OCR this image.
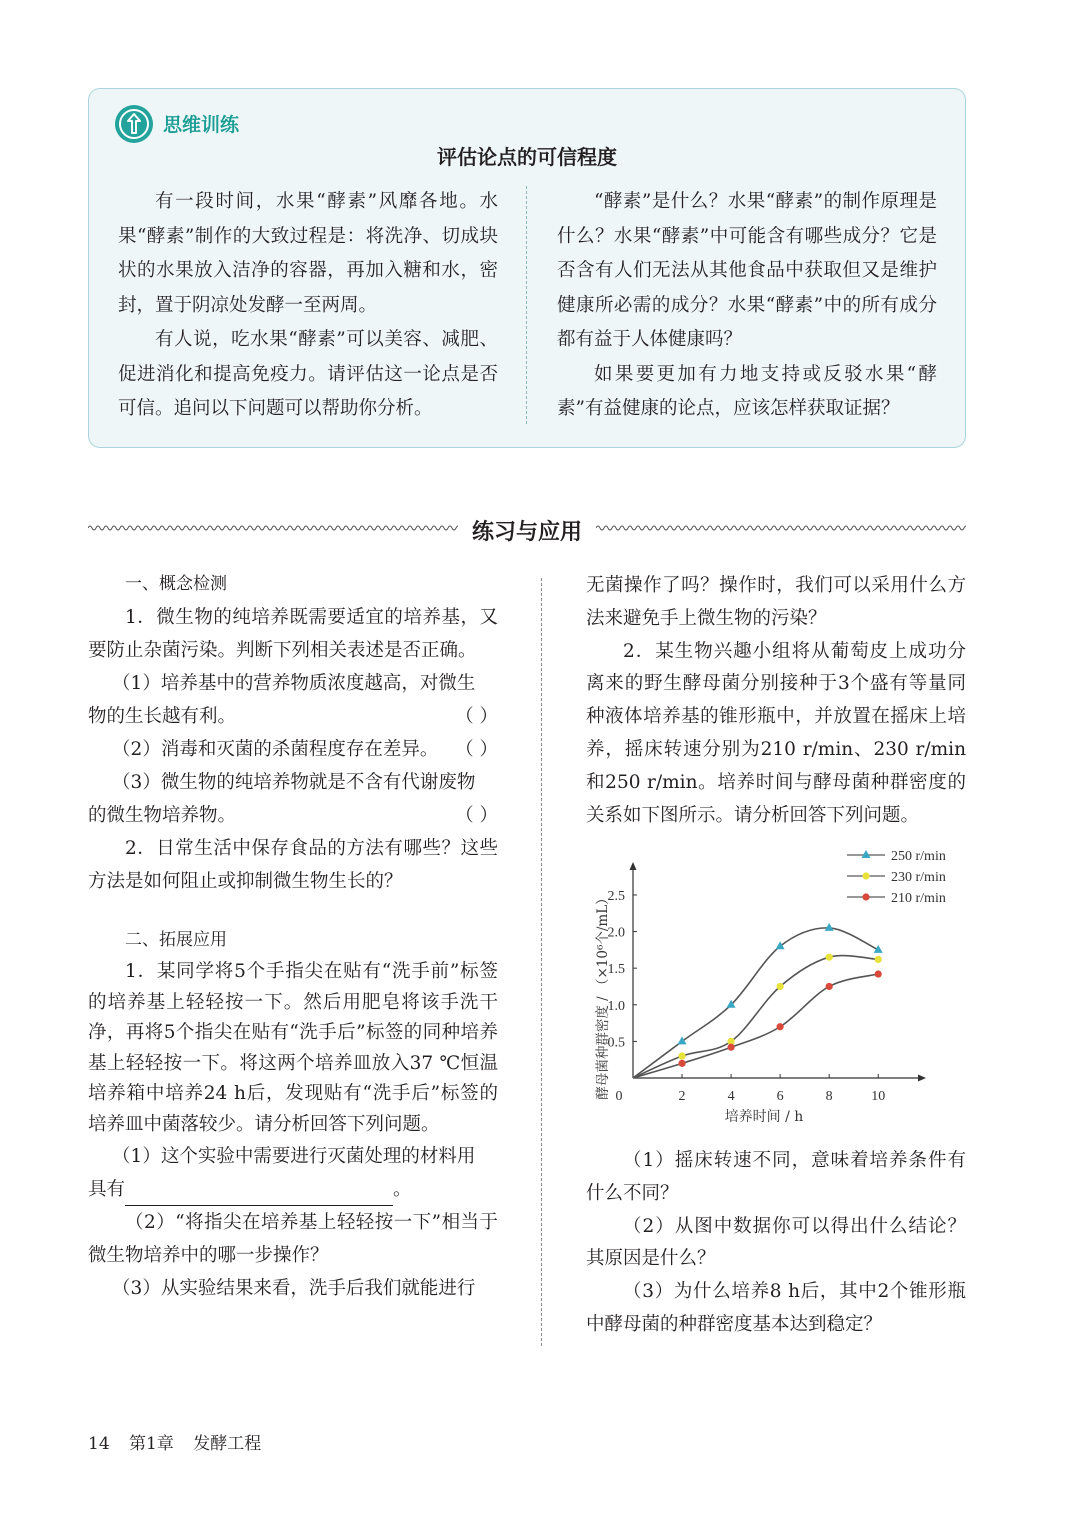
思维训练
评估论点的可信程度

有一段时间，水果“酵素”风靡各地。水果“酵素”制作的大致过程是：将洗净、切成块状的水果放入洁净的容器，再加入糖和水，密封，置于阴凉处发酵一至两周。

有人说，吃水果“酵素”可以美容、减肥、促进消化和提高免疫力。请评估这一论点是否可信。追问以下问题可以帮助你分析。

“酵素”是什么？水果“酵素”的制作原理是什么？水果“酵素”中可能含有哪些成分？它是否含有人们无法从其他食品中获取但又是维护健康所必需的成分？水果“酵素”中的所有成分都有益于人体健康吗？

如果要更加有力地支持或反驳水果“酵素”有益健康的论点，应该怎样获取证据？

练习与应用

一、概念检测

1．微生物的纯培养既需要适宜的培养基，又要防止杂菌污染。判断下列相关表述是否正确。

（1）培养基中的营养物质浓度越高，对微生

物的生长越有利。	（ ）
（2）消毒和灭菌的杀菌程度存在差异。 （ ）

（3）微生物的纯培养物就是不含有代谢废物

的微生物培养物。	（ ）

2．日常生活中保存食品的方法有哪些？这些方法是如何阻止或抑制微生物生长的？

二、拓展应用

1．某同学将5个手指尖在贴有“洗手前”标签的培养基上轻轻按一下。然后用肥皂将该手洗干净，再将5个指尖在贴有“洗手后”标签的同种培养基上轻轻按一下。将这两个培养皿放入37 ℃恒温培养箱中培养24 h后，发现贴有“洗手后”标签的培养皿中菌落较少。请分析回答下列问题。

（1）这个实验中需要进行灭菌处理的材料用

具有	。

（2）“将指尖在培养基上轻轻按一下”相当于微生物培养中的哪一步操作？

（3）从实验结果来看，洗手后我们就能进行

无菌操作了吗？操作时，我们可以采用什么方法来避免手上微生物的污染？

2．某生物兴趣小组将从葡萄皮上成功分离来的野生酵母菌分别接种于3个盛有等量同种液体培养基的锥形瓶中，并放置在摇床上培养，摇床转速分别为210 r/min、230 r/min和250 r/min。培养时间与酵母菌种群密度的关系如下图所示。请分析回答下列问题。

0	2	4	6	8	10
0.5
1.0
1.5
2.0
2.5
培养时间 / h
酵母菌种群密度 / （×10⁶个/mL）
250 r/min
230 r/min
210 r/min

（1）摇床转速不同，意味着培养条件有什么不同？

（2）从图中数据你可以得出什么结论？其原因是什么？

（3）为什么培养8 h后，其中2个锥形瓶中酵母菌的种群密度基本达到稳定？

14 第1章 发酵工程
